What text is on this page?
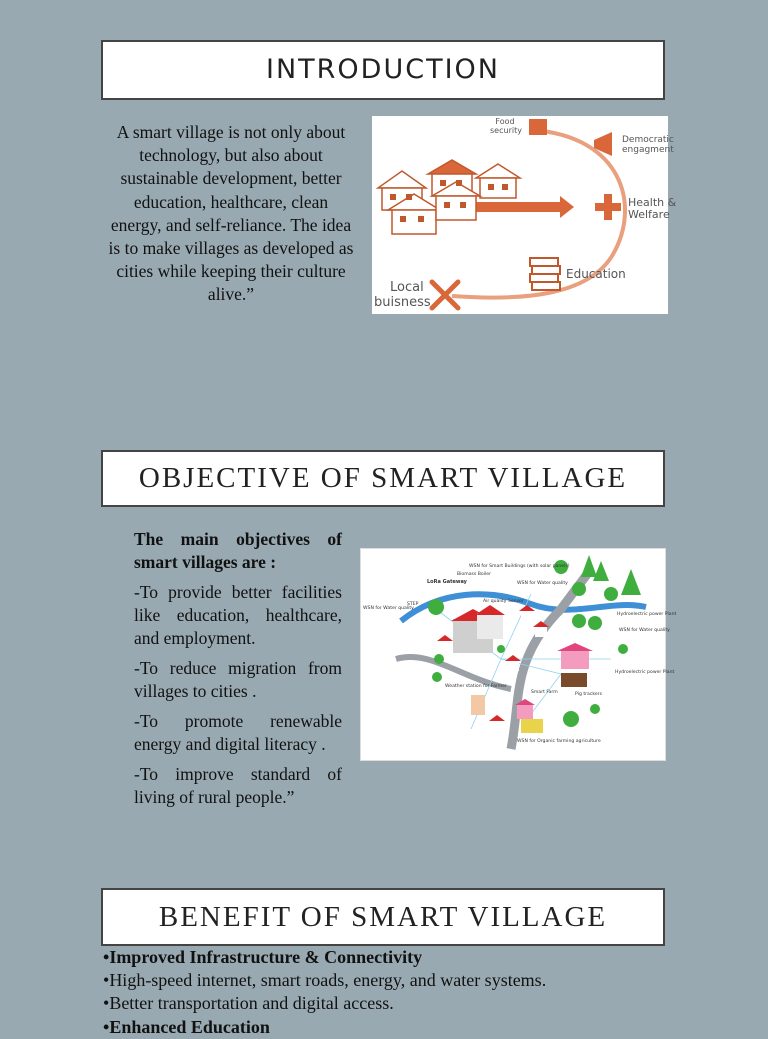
INTRODUCTION
A smart village is not only about technology, but also about sustainable development, better education, healthcare, clean energy, and self-reliance. The idea is to make villages as developed as cities while keeping their culture alive.”
Food
security
Democratic
engagment
Health &
Welfare
Education
Local
buisness
OBJECTIVE OF SMART VILLAGE

The main objectives of smart villages are :

-To provide better facilities like education, healthcare, and employment.

-To reduce migration from villages to cities .

-To promote renewable energy and digital literacy .

-To improve standard of living of rural people.”

WSN for Smart Buildings (with solar panels)
Biomass Boiler
LoRa Gateway	WSN for Water quality
Air quality Sensor
STEP
WSN for Water quality
Hydroelectric power Plant
WSN for Water quality
Hydroelectric power Plant
Weather station for Farmer
Smart Farm	Pig trackers
WSN for Organic farming agriculture
BENEFIT OF SMART VILLAGE
•Improved Infrastructure & Connectivity
•High-speed internet, smart roads, energy, and water systems.
•Better transportation and digital access.
•Enhanced Education
